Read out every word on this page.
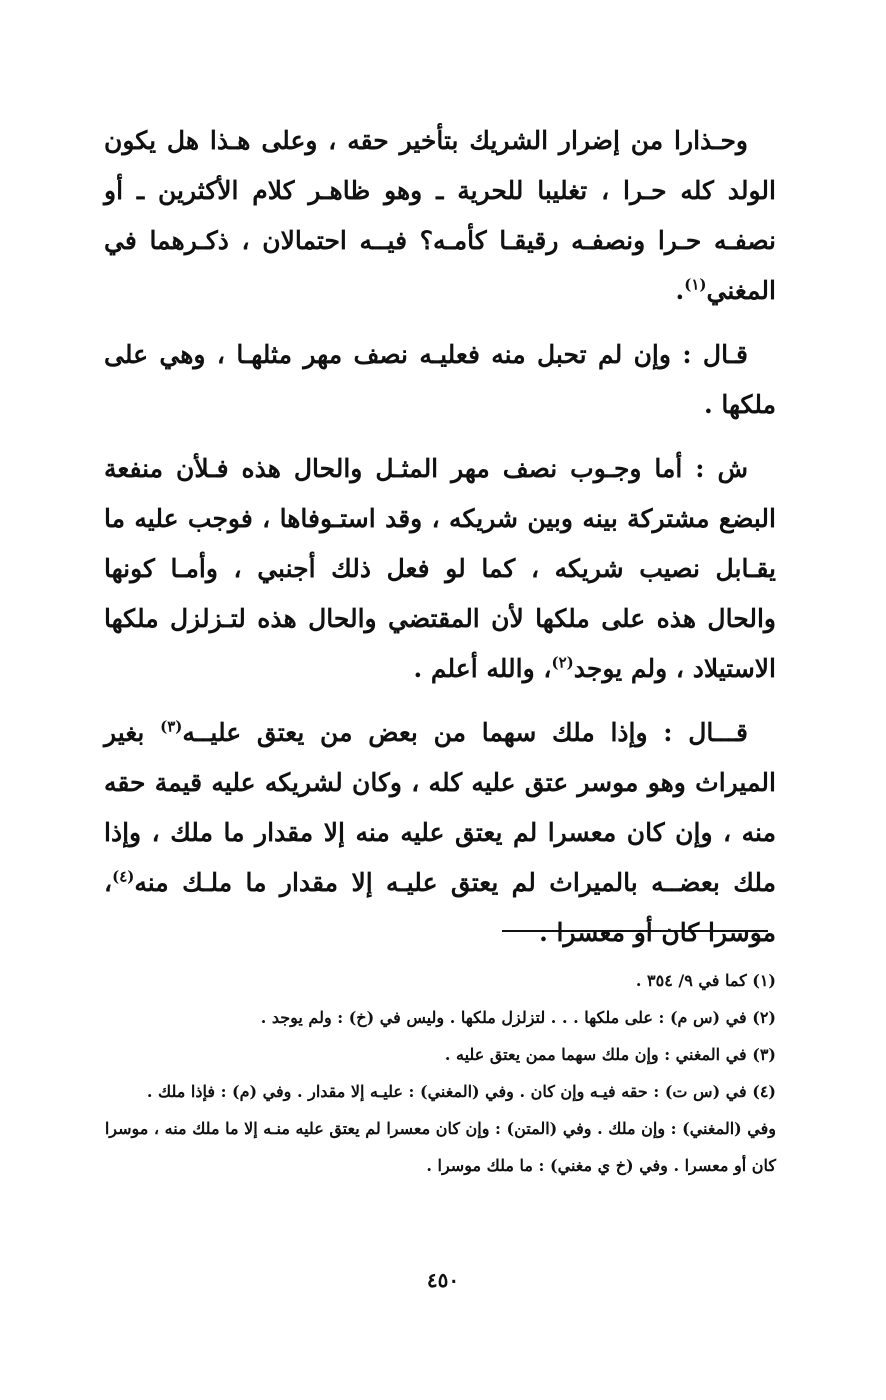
وحـذارا من إضرار الشريك بتأخير حقه ، وعلى هـذا هل يكون الولد كله حـرا ، تغليبا للحرية ـ وهو ظاهـر كلام الأكثرين ـ أو نصفـه حـرا ونصفـه رقيقـا كأمـه؟ فيــه احتمالان ، ذكـرهما في المغني$^{(١)}$.

قـال : وإن لم تحبل منه فعليـه نصف مهر مثلهـا ، وهي على ملكها .

ش : أما وجـوب نصف مهر المثـل والحال هذه فـلأن منفعة البضع مشتركة بينه وبين شريكه ، وقد استـوفاها ، فوجب عليه ما يقـابل نصيب شريكه ، كما لو فعل ذلك أجنبي ، وأمـا كونها والحال هذه على ملكها لأن المقتضي والحال هذه لتـزلزل ملكها الاستيلاد ، ولم يوجد$^{(٢)}$، والله أعلم .

قـــال : وإذا ملك سهما من بعض من يعتق عليــه$^{(٣)}$ بغير الميراث وهو موسر عتق عليه كله ، وكان لشريكه عليه قيمة حقه منه ، وإن كان معسرا لم يعتق عليه منه إلا مقدار ما ملك ، وإذا ملك بعضــه بالميراث لم يعتق عليـه إلا مقدار ما ملـك منه$^{(٤)}$، موسرا كان أو معسرا .

(١) كما في ٩/ ٣٥٤ .

(٢) في (س م) : على ملكها . . . لتزلزل ملكها . وليس في (خ) : ولم يوجد .

(٣) في المغني : وإن ملك سهما ممن يعتق عليه .

(٤) في (س ت) : حقه فيـه وإن كان . وفي (المغني) : عليـه إلا مقدار . وفي (م) : فإذا ملك .

وفي (المغني) : وإن ملك . وفي (المتن) : وإن كان معسرا لم يعتق عليه منـه إلا ما ملك منه ، موسرا

كان أو معسرا . وفي (خ ي مغني) : ما ملك موسرا .

٤٥٠
